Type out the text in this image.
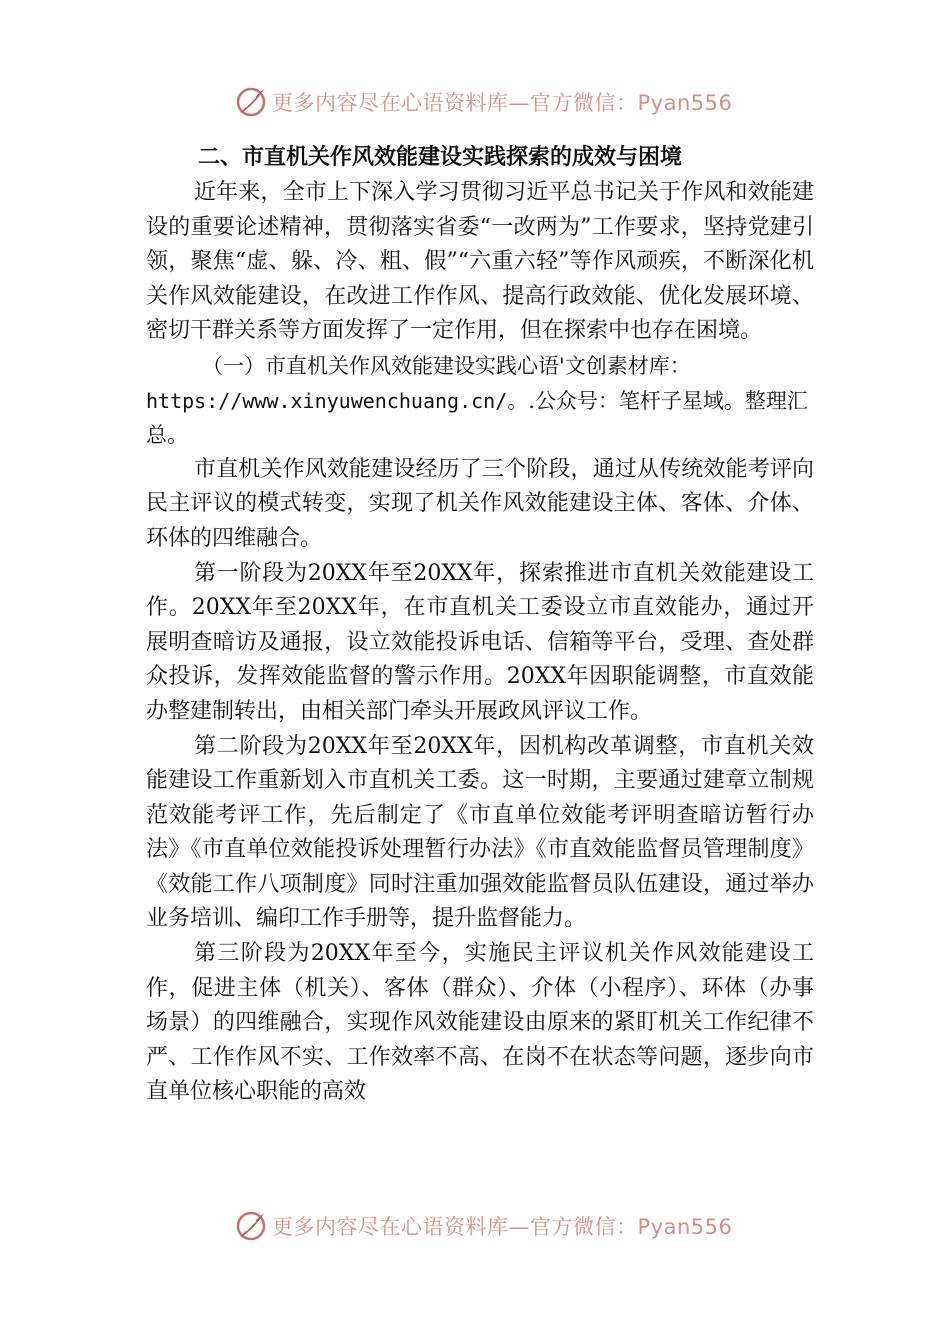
更多内容尽在心语资料库—官方微信：Pyan556

二、市直机关作风效能建设实践探索的成效与困境

近年来，全市上下深入学习贯彻习近平总书记关于作风和效能建设的重要论述精神，贯彻落实省委“一改两为”工作要求，坚持党建引领，聚焦“虚、躲、冷、粗、假”“六重六轻”等作风顽疾，不断深化机关作风效能建设，在改进工作作风、提高行政效能、优化发展环境、密切干群关系等方面发挥了一定作用，但在探索中也存在困境。

（一）市直机关作风效能建设实践心语'文创素材库：https://www.xinyuwenchuang.cn/。.公众号：笔杆子星域。整理汇总。

市直机关作风效能建设经历了三个阶段，通过从传统效能考评向民主评议的模式转变，实现了机关作风效能建设主体、客体、介体、环体的四维融合。

第一阶段为20XX年至20XX年，探索推进市直机关效能建设工作。20XX年至20XX年，在市直机关工委设立市直效能办，通过开展明查暗访及通报，设立效能投诉电话、信箱等平台，受理、查处群众投诉，发挥效能监督的警示作用。20XX年因职能调整，市直效能办整建制转出，由相关部门牵头开展政风评议工作。

第二阶段为20XX年至20XX年，因机构改革调整，市直机关效能建设工作重新划入市直机关工委。这一时期，主要通过建章立制规范效能考评工作，先后制定了《市直单位效能考评明查暗访暂行办法》《市直单位效能投诉处理暂行办法》《市直效能监督员管理制度》《效能工作八项制度》同时注重加强效能监督员队伍建设，通过举办业务培训、编印工作手册等，提升监督能力。

第三阶段为20XX年至今，实施民主评议机关作风效能建设工作，促进主体（机关）、客体（群众）、介体（小程序）、环体（办事场景）的四维融合，实现作风效能建设由原来的紧盯机关工作纪律不严、工作作风不实、工作效率不高、在岗不在状态等问题，逐步向市直单位核心职能的高效

更多内容尽在心语资料库—官方微信：Pyan556
